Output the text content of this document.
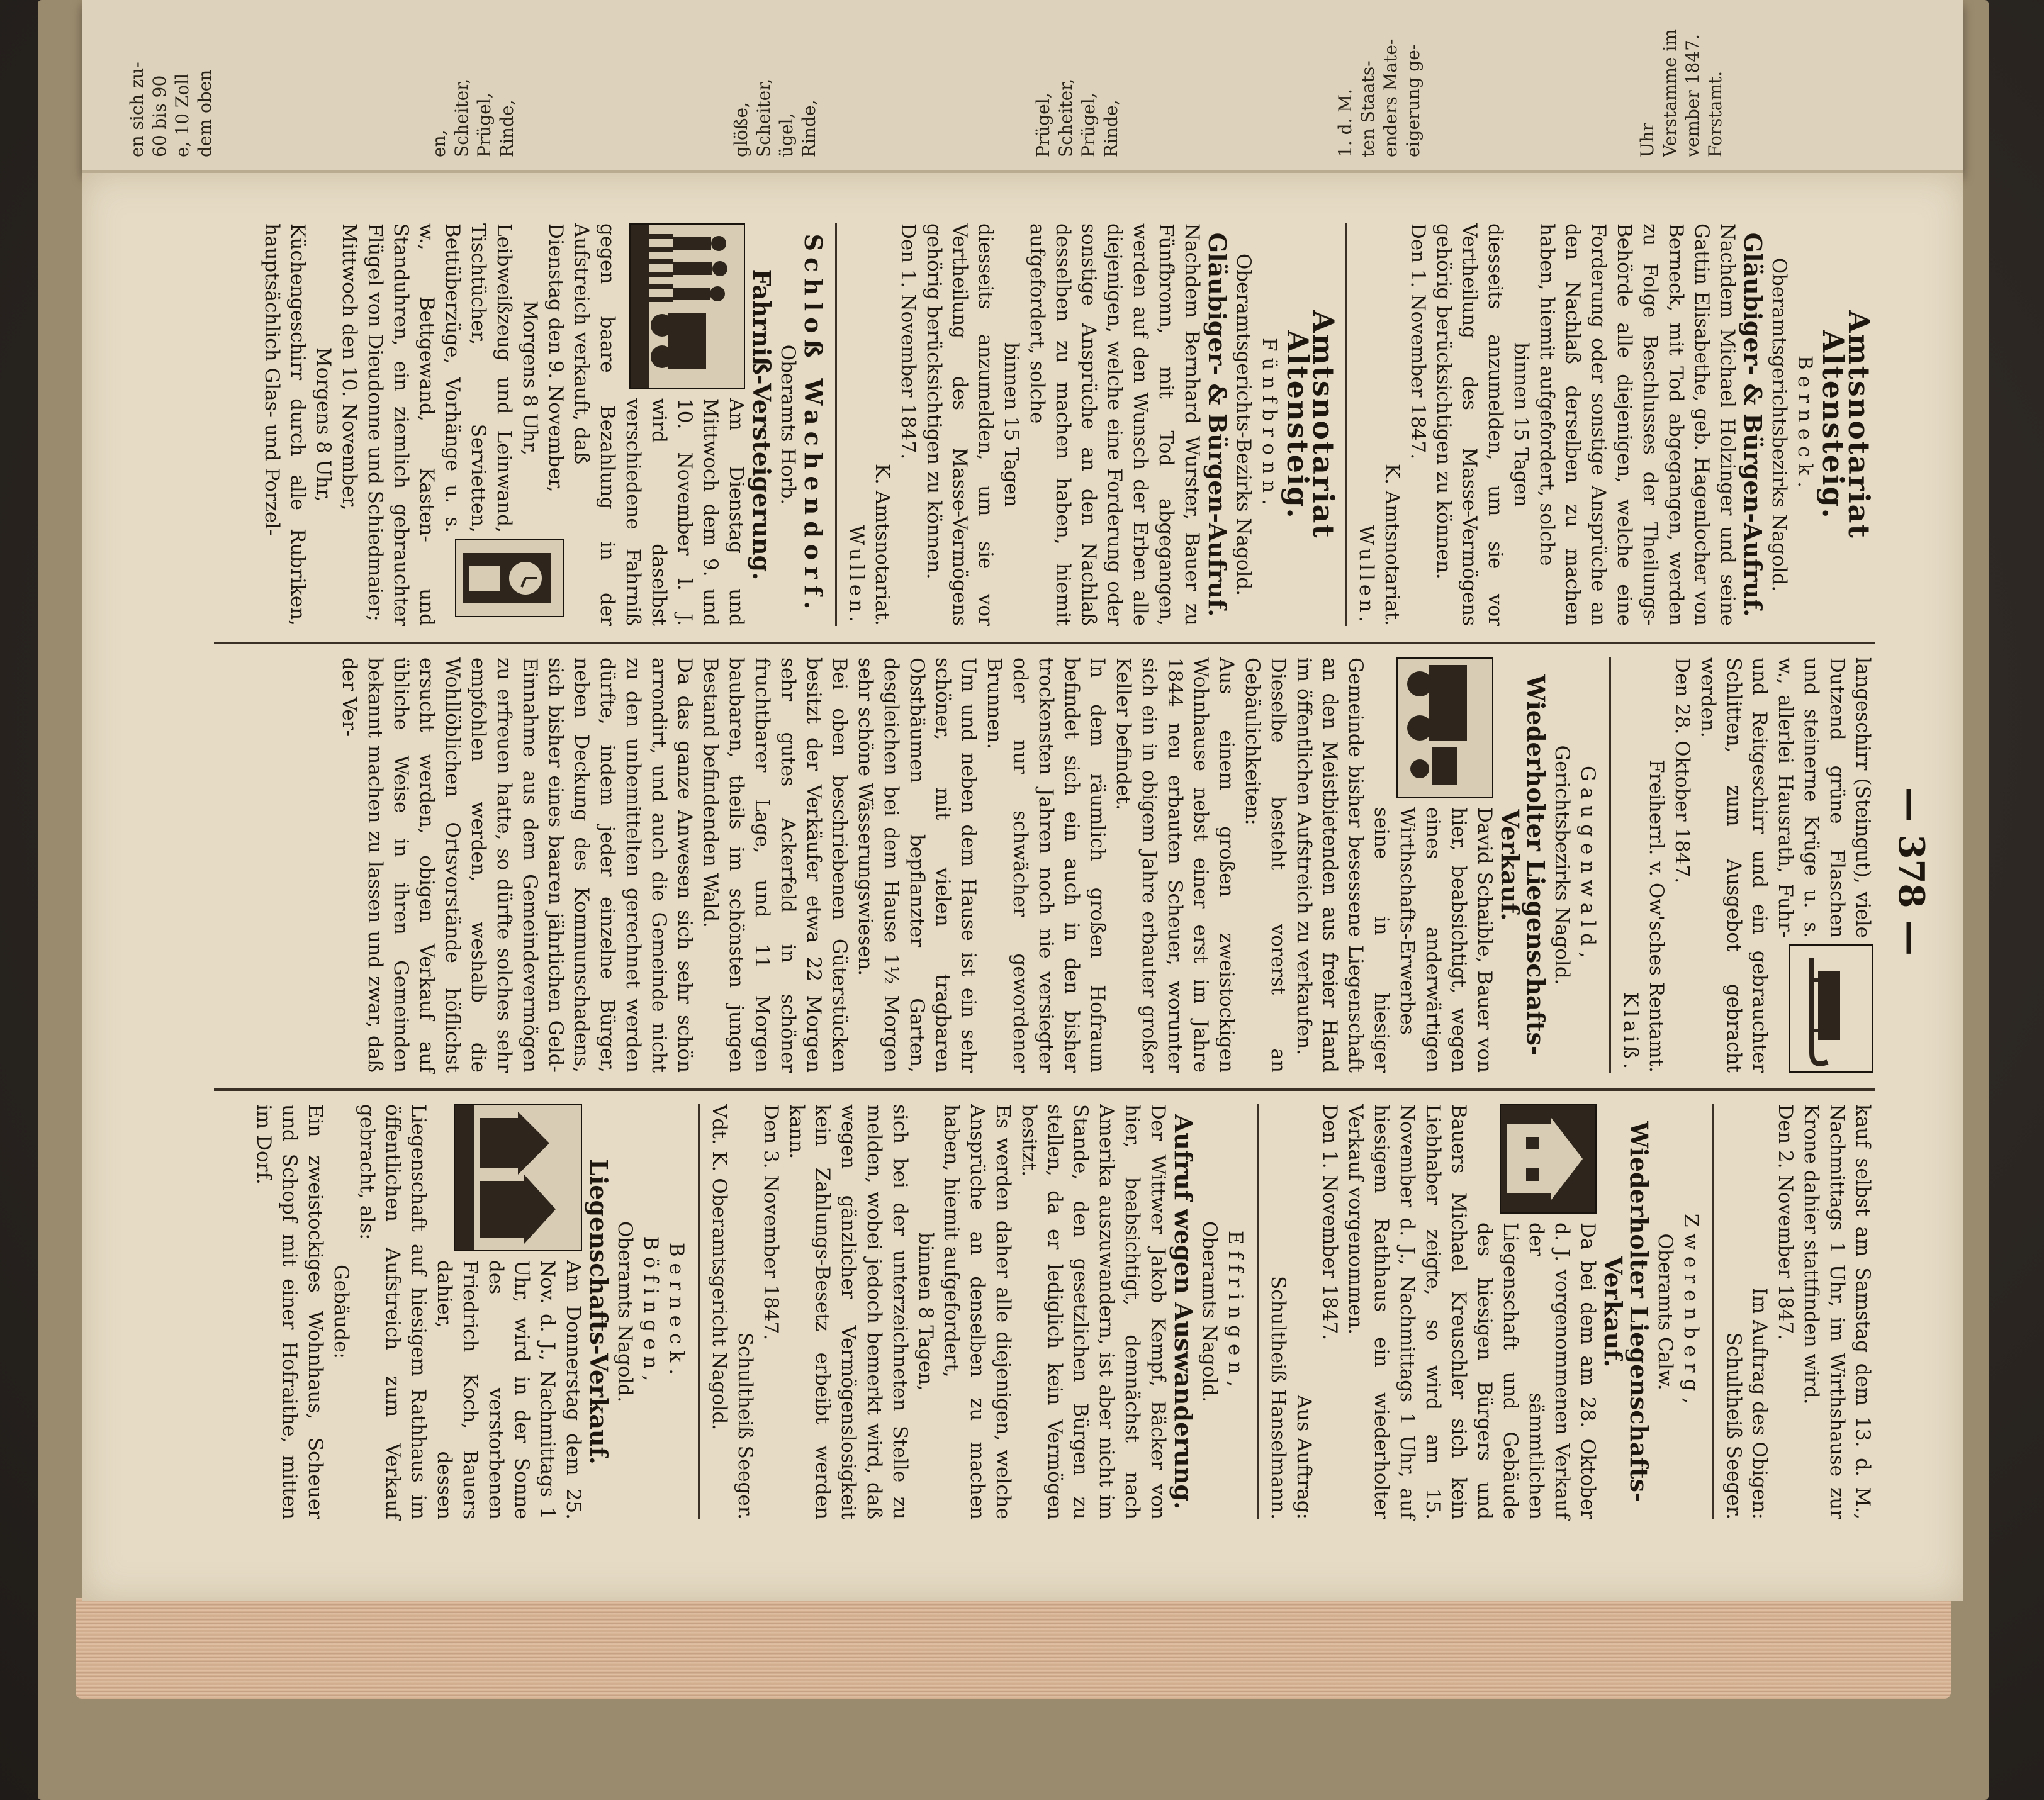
Uhr Verstamme im vember 1847. Forstamt.
1. d. M. ten Staats- enders Mate- eigerung ge-
Prügel, Scheiter, Prügel, Rinde,
glöße, Scheiter, ügel, Rinde,
en, Scheiter, Prügel, Rinde,
en sich zu- 60 bis 90 e, 10 Zoll dem oben
— 378 —
Amtsnotariat Altensteig.
Berneck.
Oberamtsgerichtsbezirks Nagold.
Gläubiger- & Bürgen-Aufruf.
Nachdem Michael Holzinger und seine Gattin Elisabethe, geb. Hagenlocher von Berneck, mit Tod abgegangen, werden zu Folge Beschlusses der Theilungs-Behörde alle diejenigen, welche eine Forderung oder sonstige Ansprüche an den Nachlaß derselben zu machen haben, hiemit aufgefordert, solche
binnen 15 Tagen
diesseits anzumelden, um sie vor Vertheilung des Masse-Vermögens gehörig berücksichtigen zu können.
Den 1. November 1847.
K. Amtsnotariat.
Wullen.
Amtsnotariat Altensteig.
Fünfbronn.
Oberamtsgerichts-Bezirks Nagold.
Gläubiger- & Bürgen-Aufruf.
Nachdem Bernhard Wurster, Bauer zu Fünfbronn, mit Tod abgegangen, werden auf den Wunsch der Erben alle diejenigen, welche eine Forderung oder sonstige Ansprüche an den Nachlaß desselben zu machen haben, hiemit aufgefordert, solche
binnen 15 Tagen
diesseits anzumelden, um sie vor Vertheilung des Masse-Vermögens gehörig berücksichtigen zu können.
Den 1. November 1847.
K. Amtsnotariat.
Wullen.
Schloß Wachendorf.
Oberamts Horb.
Fahrniß-Versteigerung.
Am Dienstag und Mittwoch dem 9. und 10. November l. J. wird daselbst verschiedene Fahrniß gegen baare Bezahlung in der Aufstreich verkauft, daß
Dienstag den 9. November,
Morgens 8 Uhr,
Leibweißzeug und Leinwand, Tischtücher, Servietten, Bettüberzüge, Vorhänge u. s. w., Bettgewand, Kasten- und Standuhren, ein ziemlich gebrauchter Flügel von Dieudonne und Schiedmaier;
Mittwoch den 10. November,
Morgens 8 Uhr,
Küchengeschirr durch alle Rubriken, hauptsächlich Glas- und Porzel-
langeschirr (Steingut), viele Dutzend grüne Flaschen und steinerne Krüge u. s. w., allerlei Hausrath, Fuhr- und Reitgeschirr und ein gebrauchter Schlitten, zum Ausgebot gebracht werden.
Den 28. Oktober 1847.
Freiherrl. v. Ow'sches Rentamt.
Klaiß.
Gaugenwald,
Gerichtsbezirks Nagold.
Wiederholter Liegenschafts-Verkauf.
David Schaible, Bauer von hier, beabsichtigt, wegen eines anderwärtigen Wirthschafts-Erwerbes seine in hiesiger Gemeinde bisher besessene Liegenschaft an den Meistbietenden aus freier Hand im öffentlichen Aufstreich zu verkaufen.
Dieselbe besteht vorerst an Gebäulichkeiten:
Aus einem großen zweistockigen Wohnhause nebst einer erst im Jahre 1844 neu erbauten Scheuer, worunter sich ein in obigem Jahre erbauter großer Keller befindet.
In dem räumlich großen Hofraum befindet sich ein auch in den bisher trockensten Jahren noch nie versiegter oder nur schwächer gewordener Brunnen.
Um und neben dem Hause ist ein sehr schöner, mit vielen tragbaren Obstbäumen bepflanzter Garten, desgleichen bei dem Hause 1½ Morgen sehr schöne Wässerungswiesen.
Bei oben beschriebenen Güterstücken besitzt der Verkäufer etwa 22 Morgen sehr gutes Ackerfeld in schöner fruchtbarer Lage, und 11 Morgen baubaren, theils im schönsten jungen Bestand befindenden Wald.
Da das ganze Anwesen sich sehr schön arrondirt, und auch die Gemeinde nicht zu den unbemittelten gerechnet werden dürfte, indem jeder einzelne Bürger, neben Deckung des Kommunschadens, sich bisher eines baaren jährlichen Geld-Einnahme aus dem Gemeindevermögen zu erfreuen hatte, so dürfte solches sehr empfohlen werden, weshalb die Wohllöblichen Ortsvorstände höflichst ersucht werden, obigen Verkauf auf übliche Weise in ihren Gemeinden bekannt machen zu lassen und zwar, daß der Ver-
kauf selbst am Samstag dem 13. d. M., Nachmittags 1 Uhr, im Wirthshause zur Krone dahier stattfinden wird.
Den 2. November 1847.
Im Auftrag des Obigen:
Schultheiß Seeger.
Zwerenberg,
Oberamts Calw.
Wiederholter Liegenschafts-Verkauf.
Da bei dem am 28. Oktober d. J. vorgenommenen Verkauf der sämmtlichen Liegenschaft und Gebäude des hiesigen Bürgers und Bauers Michael Kreuschler sich kein Liebhaber zeigte, so wird am 15. November d. J., Nachmittags 1 Uhr, auf hiesigem Rathhaus ein wiederholter Verkauf vorgenommen.
Den 1. November 1847.
Aus Auftrag:
Schultheiß Hanselmann.
Effringen,
Oberamts Nagold.
Aufruf wegen Auswanderung.
Der Wittwer Jakob Kempf, Bäcker von hier, beabsichtigt, demnächst nach Amerika auszuwandern, ist aber nicht im Stande, den gesetzlichen Bürgen zu stellen, da er lediglich kein Vermögen besitzt.
Es werden daher alle diejenigen, welche Ansprüche an denselben zu machen haben, hiemit aufgefordert,
binnen 8 Tagen,
sich bei der unterzeichneten Stelle zu melden, wobei jedoch bemerkt wird, daß wegen gänzlicher Vermögenslosigkeit kein Zahlungs-Besetz erbeibt werden kann.
Den 3. November 1847.
Schultheiß Seeger.
Vdt. K. Oberamtsgericht Nagold.
Berneck.
Böfingen,
Oberamts Nagold.
Liegenschafts-Verkauf.
Am Donnerstag dem 25. Nov. d. J., Nachmittags 1 Uhr, wird in der Sonne des verstorbenen Friedrich Koch, Bauers dahier, dessen Liegenschaft auf hiesigem Rathhaus im öffentlichen Aufstreich zum Verkauf gebracht, als:
Gebäude:
Ein zweistockiges Wohnhaus, Scheuer und Schopf mit einer Hofraithe, mitten im Dorf.
